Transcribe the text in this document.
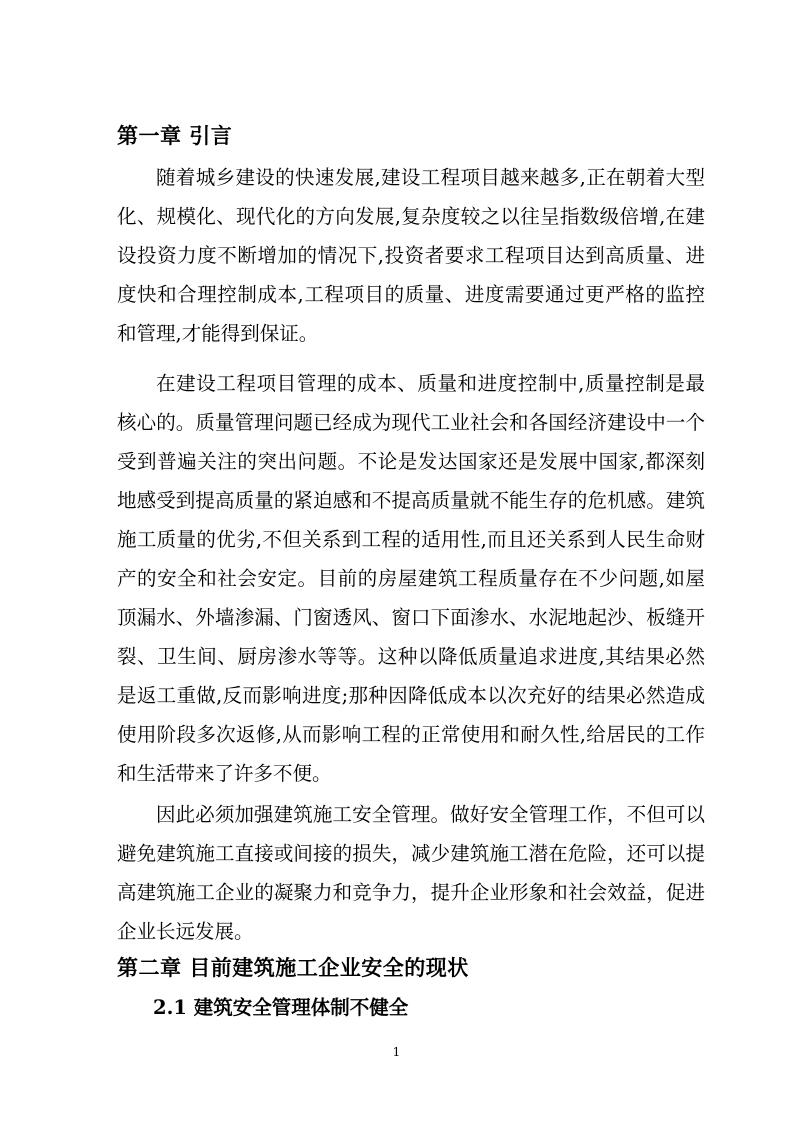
第一章 引言

随着城乡建设的快速发展,建设工程项目越来越多,正在朝着大型化、规模化、现代化的方向发展,复杂度较之以往呈指数级倍增,在建设投资力度不断增加的情况下,投资者要求工程项目达到高质量、进度快和合理控制成本,工程项目的质量、进度需要通过更严格的监控和管理,才能得到保证。

在建设工程项目管理的成本、质量和进度控制中,质量控制是最核心的。质量管理问题已经成为现代工业社会和各国经济建设中一个受到普遍关注的突出问题。不论是发达国家还是发展中国家,都深刻地感受到提高质量的紧迫感和不提高质量就不能生存的危机感。建筑施工质量的优劣,不但关系到工程的适用性,而且还关系到人民生命财产的安全和社会安定。目前的房屋建筑工程质量存在不少问题,如屋顶漏水、外墙渗漏、门窗透风、窗口下面渗水、水泥地起沙、板缝开裂、卫生间、厨房渗水等等。这种以降低质量追求进度,其结果必然是返工重做,反而影响进度;那种因降低成本以次充好的结果必然造成使用阶段多次返修,从而影响工程的正常使用和耐久性,给居民的工作和生活带来了许多不便。

因此必须加强建筑施工安全管理。做好安全管理工作，不但可以避免建筑施工直接或间接的损失，减少建筑施工潜在危险，还可以提高建筑施工企业的凝聚力和竞争力，提升企业形象和社会效益，促进企业长远发展。

第二章 目前建筑施工企业安全的现状
2.1 建筑安全管理体制不健全
1
